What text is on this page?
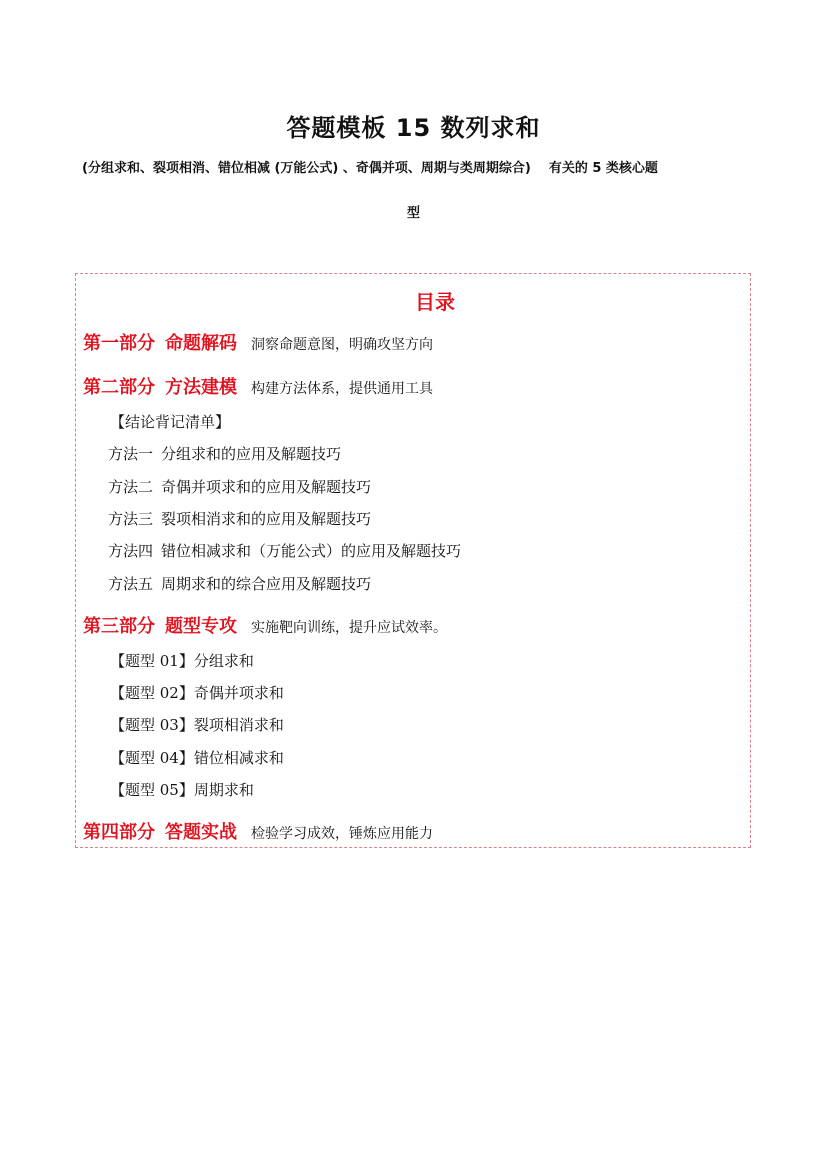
答题模板 15 数列求和
(分组求和、裂项相消、错位相减 (万能公式) 、奇偶并项、周期与类周期综合) 有关的 5 类核心题
型
目录
第一部分 命题解码 洞察命题意图，明确攻坚方向
第二部分 方法建模 构建方法体系，提供通用工具
【结论背记清单】
方法一 分组求和的应用及解题技巧
方法二 奇偶并项求和的应用及解题技巧
方法三 裂项相消求和的应用及解题技巧
方法四 错位相减求和（万能公式）的应用及解题技巧
方法五 周期求和的综合应用及解题技巧
第三部分 题型专攻 实施靶向训练，提升应试效率。
【题型 01】分组求和
【题型 02】奇偶并项求和
【题型 03】裂项相消求和
【题型 04】错位相减求和
【题型 05】周期求和
第四部分 答题实战 检验学习成效，锤炼应用能力
